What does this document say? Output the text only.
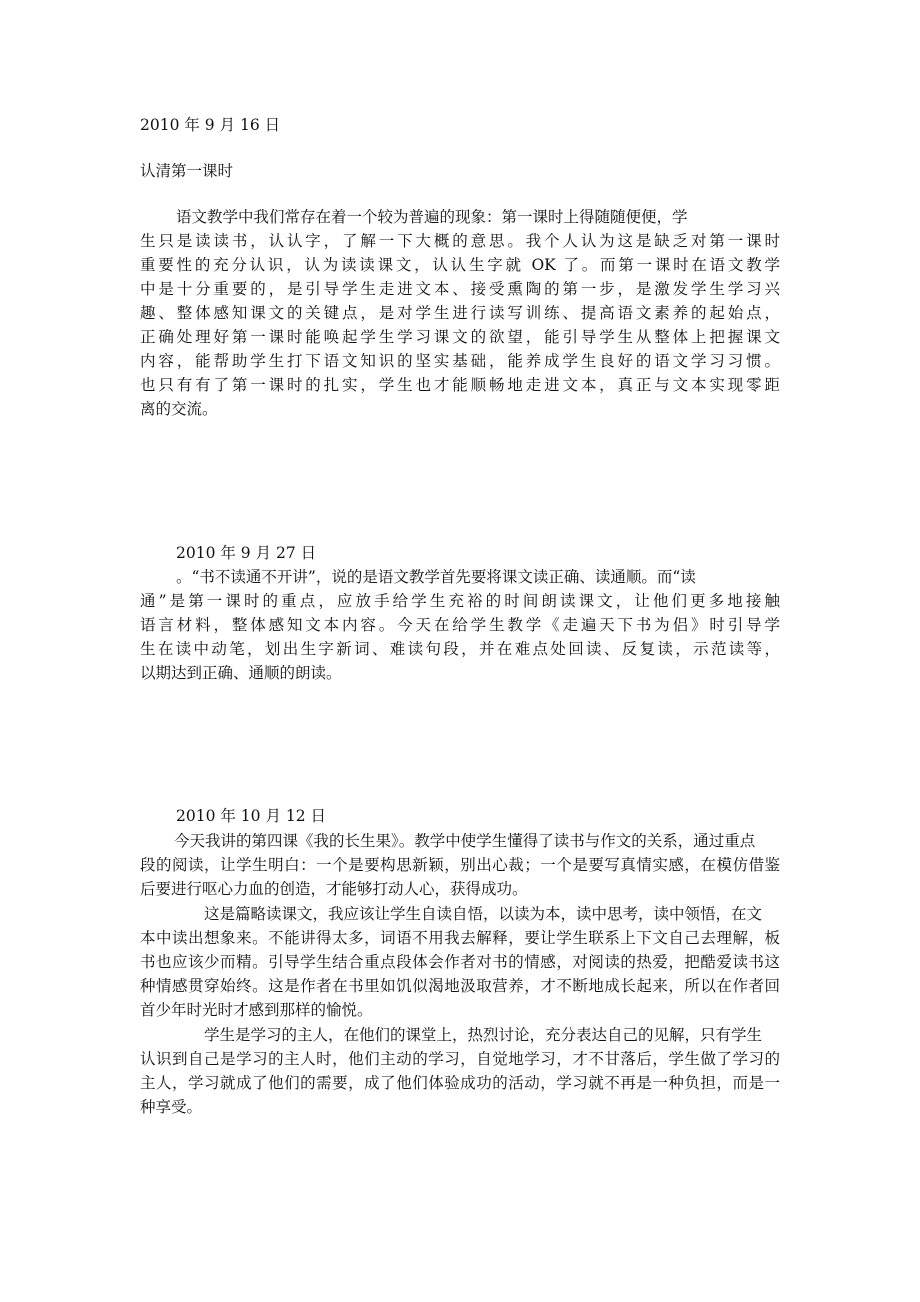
2010 年 9 月 16 日
认清第一课时
语文教学中我们常存在着一个较为普遍的现象：第一课时上得随随便便，学
生只是读读书，认认字，了解一下大概的意思。我个人认为这是缺乏对第一课时
重要性的充分认识，认为读读课文，认认生字就 OK 了。而第一课时在语文教学
中是十分重要的，是引导学生走进文本、接受熏陶的第一步，是激发学生学习兴
趣、整体感知课文的关键点，是对学生进行读写训练、提高语文素养的起始点，
正确处理好第一课时能唤起学生学习课文的欲望，能引导学生从整体上把握课文
内容，能帮助学生打下语文知识的坚实基础，能养成学生良好的语文学习习惯。
也只有有了第一课时的扎实，学生也才能顺畅地走进文本，真正与文本实现零距
离的交流。
2010 年 9 月 27 日
。“书不读通不开讲”，说的是语文教学首先要将课文读正确、读通顺。而“读
通”是第一课时的重点，应放手给学生充裕的时间朗读课文，让他们更多地接触
语言材料，整体感知文本内容。今天在给学生教学《走遍天下书为侣》时引导学
生在读中动笔，划出生字新词、难读句段，并在难点处回读、反复读，示范读等，
以期达到正确、通顺的朗读。
2010 年 10 月 12 日
今天我讲的第四课《我的长生果》。教学中使学生懂得了读书与作文的关系，通过重点
段的阅读，让学生明白：一个是要构思新颖，别出心裁；一个是要写真情实感，在模仿借鉴
后要进行呕心力血的创造，才能够打动人心，获得成功。
这是篇略读课文，我应该让学生自读自悟，以读为本，读中思考，读中领悟，在文
本中读出想象来。不能讲得太多，词语不用我去解释，要让学生联系上下文自己去理解，板
书也应该少而精。引导学生结合重点段体会作者对书的情感，对阅读的热爱，把酷爱读书这
种情感贯穿始终。这是作者在书里如饥似渴地汲取营养，才不断地成长起来，所以在作者回
首少年时光时才感到那样的愉悦。
学生是学习的主人，在他们的课堂上，热烈讨论，充分表达自己的见解，只有学生
认识到自己是学习的主人时，他们主动的学习，自觉地学习，才不甘落后，学生做了学习的
主人，学习就成了他们的需要，成了他们体验成功的活动，学习就不再是一种负担，而是一
种享受。
